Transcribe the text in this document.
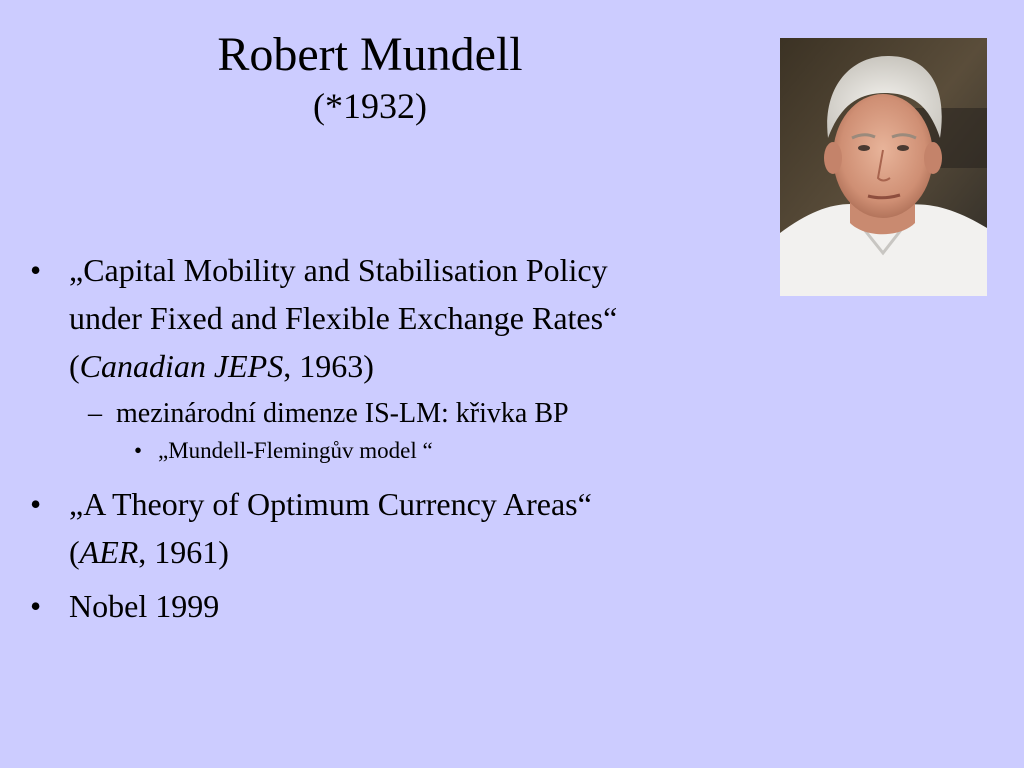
Robert Mundell
(*1932)
• „Capital Mobility and Stabilisation Policy
under Fixed and Flexible Exchange Rates“
(Canadian JEPS, 1963)
– mezinárodní dimenze IS-LM: křivka BP
• „Mundell-Flemingův model “
• „A Theory of Optimum Currency Areas“
(AER, 1961)
• Nobel 1999
